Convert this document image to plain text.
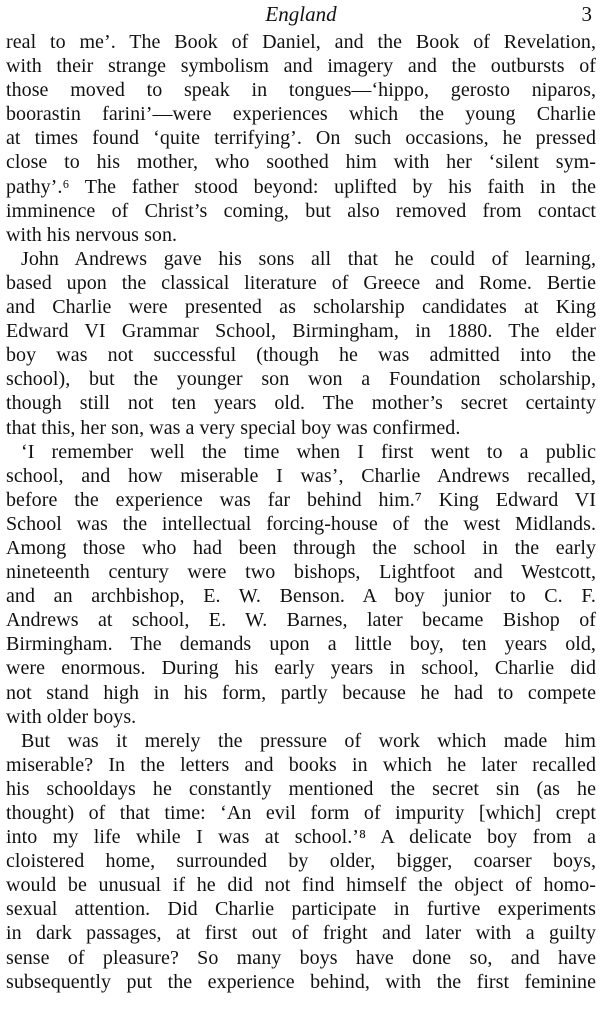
England	3
real to me’. The Book of Daniel, and the Book of Revelation,
with their strange symbolism and imagery and the outbursts of
those moved to speak in tongues—‘hippo, gerosto niparos,
boorastin farini’—were experiences which the young Charlie
at times found ‘quite terrifying’. On such occasions, he pressed
close to his mother, who soothed him with her ‘silent sym-
pathy’.⁶ The father stood beyond: uplifted by his faith in the
imminence of Christ’s coming, but also removed from contact
with his nervous son.
John Andrews gave his sons all that he could of learning,
based upon the classical literature of Greece and Rome. Bertie
and Charlie were presented as scholarship candidates at King
Edward VI Grammar School, Birmingham, in 1880. The elder
boy was not successful (though he was admitted into the
school), but the younger son won a Foundation scholarship,
though still not ten years old. The mother’s secret certainty
that this, her son, was a very special boy was confirmed.
‘I remember well the time when I first went to a public
school, and how miserable I was’, Charlie Andrews recalled,
before the experience was far behind him.⁷ King Edward VI
School was the intellectual forcing-house of the west Midlands.
Among those who had been through the school in the early
nineteenth century were two bishops, Lightfoot and Westcott,
and an archbishop, E. W. Benson. A boy junior to C. F.
Andrews at school, E. W. Barnes, later became Bishop of
Birmingham. The demands upon a little boy, ten years old,
were enormous. During his early years in school, Charlie did
not stand high in his form, partly because he had to compete
with older boys.
But was it merely the pressure of work which made him
miserable? In the letters and books in which he later recalled
his schooldays he constantly mentioned the secret sin (as he
thought) of that time: ‘An evil form of impurity [which] crept
into my life while I was at school.’⁸ A delicate boy from a
cloistered home, surrounded by older, bigger, coarser boys,
would be unusual if he did not find himself the object of homo-
sexual attention. Did Charlie participate in furtive experiments
in dark passages, at first out of fright and later with a guilty
sense of pleasure? So many boys have done so, and have
subsequently put the experience behind, with the first feminine
